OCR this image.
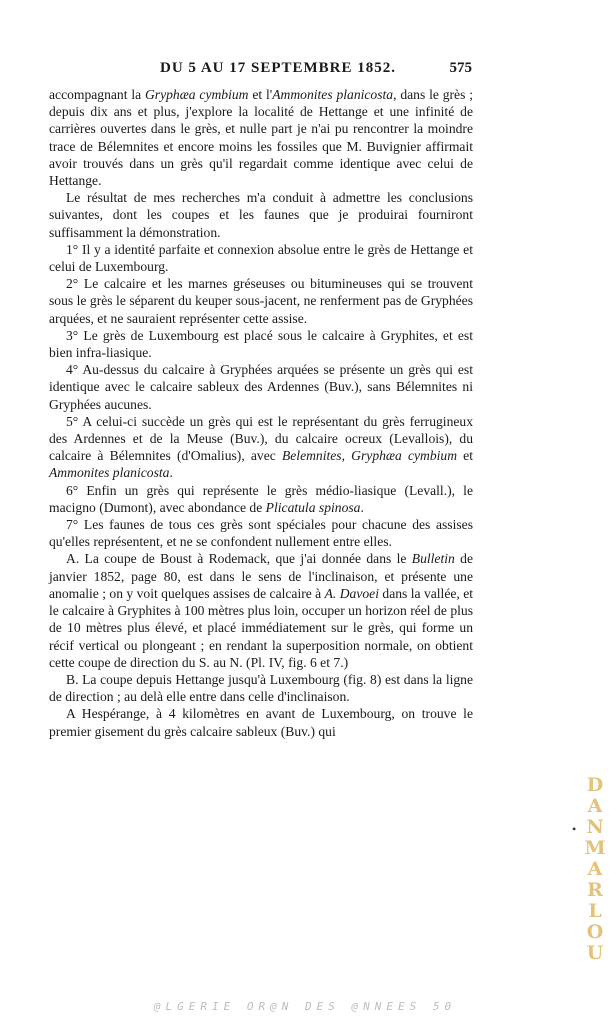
DU 5 AU 17 SEPTEMBRE 1852.	575

accompagnant la Gryphæa cymbium et l'Ammonites planicosta, dans le grès ; depuis dix ans et plus, j'explore la localité de Hettange et une infinité de carrières ouvertes dans le grès, et nulle part je n'ai pu rencontrer la moindre trace de Bélemnites et encore moins les fossiles que M. Buvignier affirmait avoir trouvés dans un grès qu'il regardait comme identique avec celui de Hettange.

Le résultat de mes recherches m'a conduit à admettre les conclusions suivantes, dont les coupes et les faunes que je produirai fourniront suffisamment la démonstration.

1° Il y a identité parfaite et connexion absolue entre le grès de Hettange et celui de Luxembourg.

2° Le calcaire et les marnes gréseuses ou bitumineuses qui se trouvent sous le grès le séparent du keuper sous-jacent, ne renferment pas de Gryphées arquées, et ne sauraient représenter cette assise.

3° Le grès de Luxembourg est placé sous le calcaire à Gryphites, et est bien infra-liasique.

4° Au-dessus du calcaire à Gryphées arquées se présente un grès qui est identique avec le calcaire sableux des Ardennes (Buv.), sans Bélemnites ni Gryphées aucunes.

5° A celui-ci succède un grès qui est le représentant du grès ferrugineux des Ardennes et de la Meuse (Buv.), du calcaire ocreux (Levallois), du calcaire à Bélemnites (d'Omalius), avec Belemnites, Gryphæa cymbium et Ammonites planicosta.

6° Enfin un grès qui représente le grès médio-liasique (Levall.), le macigno (Dumont), avec abondance de Plicatula spinosa.

7° Les faunes de tous ces grès sont spéciales pour chacune des assises qu'elles représentent, et ne se confondent nullement entre elles.

A. La coupe de Boust à Rodemack, que j'ai donnée dans le Bulletin de janvier 1852, page 80, est dans le sens de l'inclinaison, et présente une anomalie ; on y voit quelques assises de calcaire à A. Davoei dans la vallée, et le calcaire à Gryphites à 100 mètres plus loin, occuper un horizon réel de plus de 10 mètres plus élevé, et placé immédiatement sur le grès, qui forme un récif vertical ou plongeant ; en rendant la superposition normale, on obtient cette coupe de direction du S. au N. (Pl. IV, fig. 6 et 7.)

B. La coupe depuis Hettange jusqu'à Luxembourg (fig. 8) est dans la ligne de direction ; au delà elle entre dans celle d'inclinaison.

A Hespérange, à 4 kilomètres en avant de Luxembourg, on trouve le premier gisement du grès calcaire sableux (Buv.) qui

•
DANMARLOU
@LGERIE OR@N DES @NNEES 50
